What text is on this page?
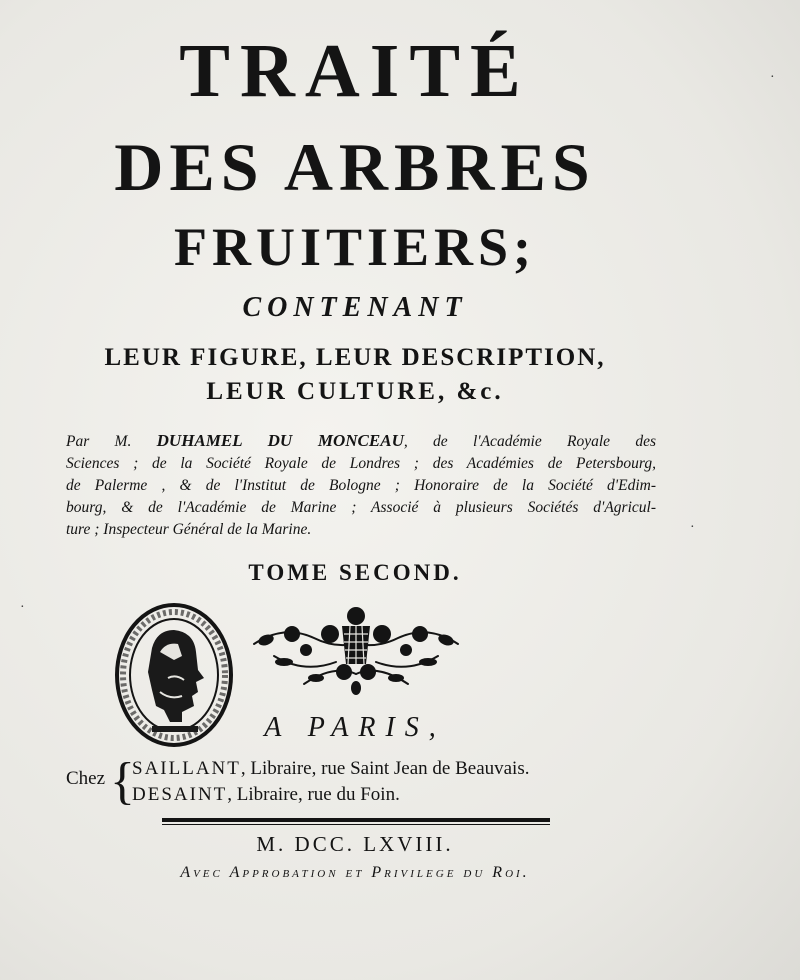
TRAITÉ
DES ARBRES
FRUITIERS;
CONTENANT
LEUR FIGURE, LEUR DESCRIPTION,
LEUR CULTURE, &c.
Par M. DUHAMEL DU MONCEAU, de l'Académie Royale des
Sciences ; de la Société Royale de Londres ; des Académies de Petersbourg,
de Palerme , & de l'Institut de Bologne ; Honoraire de la Société d'Edim-
bourg, & de l'Académie de Marine ; Associé à plusieurs Sociétés d'Agricul-
ture ; Inspecteur Général de la Marine.
TOME SECOND.
A PARIS,
Chez {
SAILLANT, Libraire, rue Saint Jean de Beauvais.
DESAINT, Libraire, rue du Foin.
M. DCC. LXVIII.
Avec Approbation et Privilege du Roi.
·
·
·
